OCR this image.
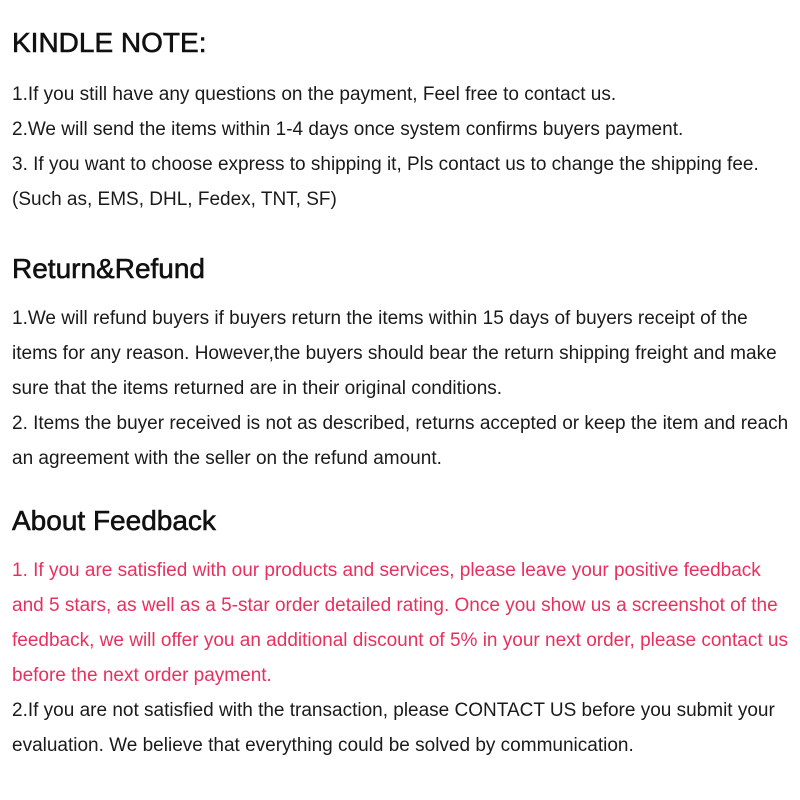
KINDLE NOTE:

1.If you still have any questions on the payment, Feel free to contact us.

2.We will send the items within 1-4 days once system confirms buyers payment.

3. If you want to choose express to shipping it, Pls contact us to change the shipping fee. (Such as, EMS, DHL, Fedex, TNT, SF)

Return&Refund

1.We will refund buyers if buyers return the items within 15 days of buyers receipt of the items for any reason. However,the buyers should bear the return shipping freight and make sure that the items returned are in their original conditions.

2. Items the buyer received is not as described, returns accepted or keep the item and reach an agreement with the seller on the refund amount.

About Feedback

1. If you are satisfied with our products and services, please leave your positive feedback and 5 stars, as well as a 5-star order detailed rating. Once you show us a screenshot of the feedback, we will offer you an additional discount of 5% in your next order, please contact us before the next order payment.

2.If you are not satisfied with the transaction, please CONTACT US before you submit your evaluation. We believe that everything could be solved by communication.
